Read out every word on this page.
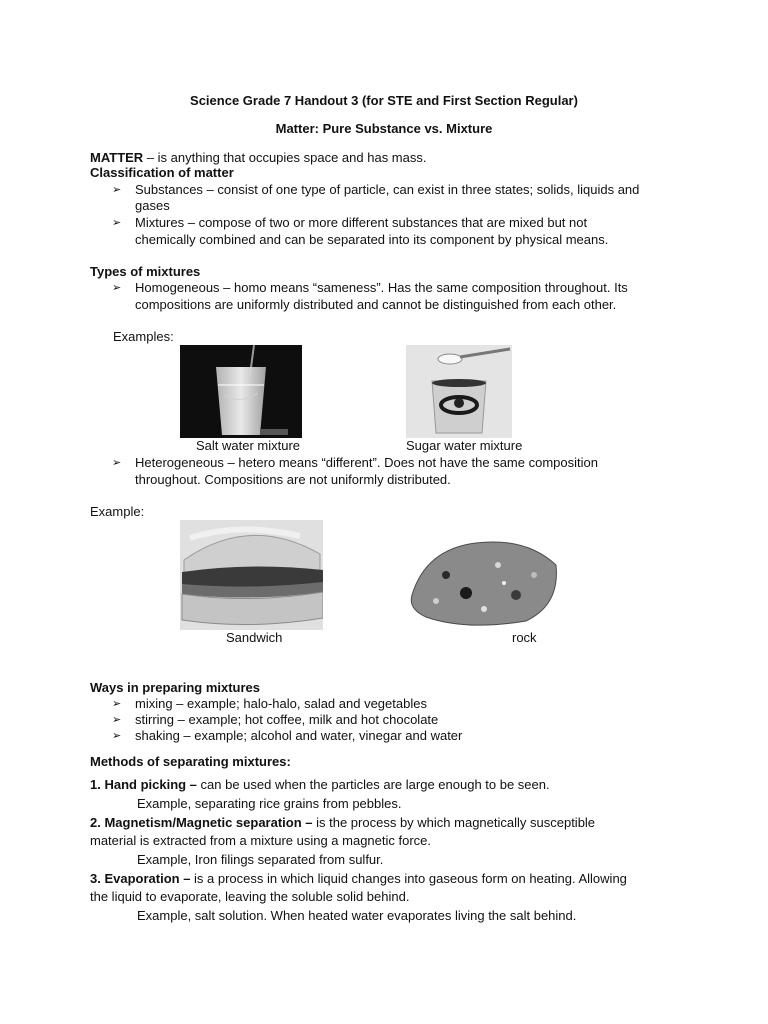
Science Grade 7 Handout 3 (for STE and First Section Regular)
Matter: Pure Substance vs. Mixture
MATTER – is anything that occupies space and has mass.
Classification of matter
➢ Substances – consist of one type of particle, can exist in three states; solids, liquids and
gases
➢ Mixtures – compose of two or more different substances that are mixed but not
chemically combined and can be separated into its component by physical means.
Types of mixtures
➢ Homogeneous – homo means “sameness”. Has the same composition throughout. Its
compositions are uniformly distributed and cannot be distinguished from each other.
Examples:
Salt water mixture	Sugar water mixture
➢ Heterogeneous – hetero means “different”. Does not have the same composition
throughout. Compositions are not uniformly distributed.
Example:
Sandwich	rock
Ways in preparing mixtures
➢ mixing – example; halo-halo, salad and vegetables
➢ stirring – example; hot coffee, milk and hot chocolate
➢ shaking – example; alcohol and water, vinegar and water
Methods of separating mixtures:
1. Hand picking – can be used when the particles are large enough to be seen.
Example, separating rice grains from pebbles.
2. Magnetism/Magnetic separation – is the process by which magnetically susceptible
material is extracted from a mixture using a magnetic force.
Example, Iron filings separated from sulfur.
3. Evaporation – is a process in which liquid changes into gaseous form on heating. Allowing
the liquid to evaporate, leaving the soluble solid behind.
Example, salt solution. When heated water evaporates living the salt behind.
